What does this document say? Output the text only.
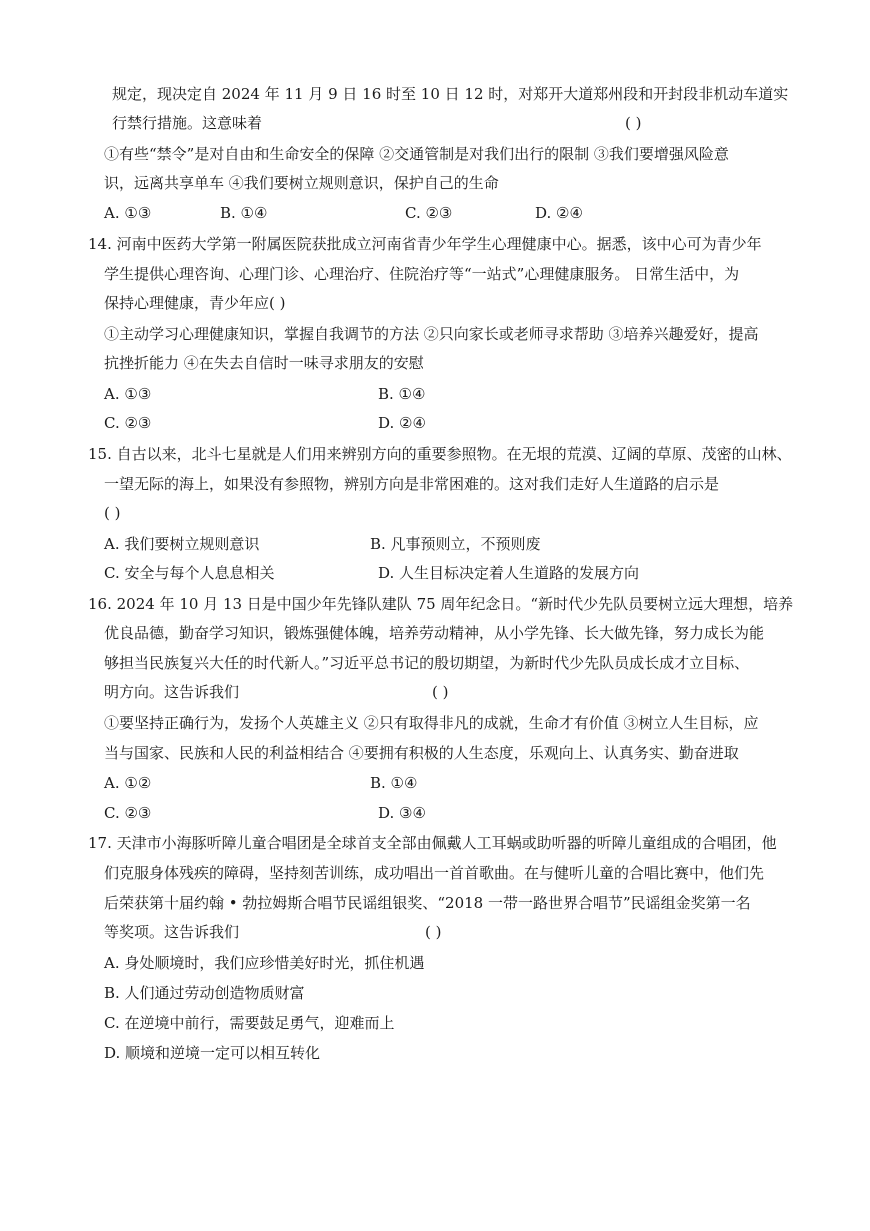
规定，现决定自 2024 年 11 月 9 日 16 时至 10 日 12 时，对郑开大道郑州段和开封段非机动车道实
行禁行措施。这意味着	( )
①有些“禁令”是对自由和生命安全的保障 ②交通管制是对我们出行的限制 ③我们要增强风险意
识，远离共享单车 ④我们要树立规则意识，保护自己的生命
A. ①③	B. ①④	C. ②③	D. ②④
14. 河南中医药大学第一附属医院获批成立河南省青少年学生心理健康中心。据悉，该中心可为青少年
学生提供心理咨询、心理门诊、心理治疗、住院治疗等“一站式”心理健康服务。 日常生活中，为
保持心理健康，青少年应( )
①主动学习心理健康知识，掌握自我调节的方法 ②只向家长或老师寻求帮助 ③培养兴趣爱好，提高
抗挫折能力 ④在失去自信时一味寻求朋友的安慰
A. ①③	B. ①④
C. ②③	D. ②④
15. 自古以来，北斗七星就是人们用来辨别方向的重要参照物。在无垠的荒漠、辽阔的草原、茂密的山林、
一望无际的海上，如果没有参照物，辨别方向是非常困难的。这对我们走好人生道路的启示是
( )
A. 我们要树立规则意识	B. 凡事预则立，不预则废
C. 安全与每个人息息相关	D. 人生目标决定着人生道路的发展方向
16. 2024 年 10 月 13 日是中国少年先锋队建队 75 周年纪念日。“新时代少先队员要树立远大理想，培养
优良品德，勤奋学习知识，锻炼强健体魄，培养劳动精神，从小学先锋、长大做先锋，努力成长为能
够担当民族复兴大任的时代新人。”习近平总书记的殷切期望，为新时代少先队员成长成才立目标、
明方向。这告诉我们	( )
①要坚持正确行为，发扬个人英雄主义 ②只有取得非凡的成就，生命才有价值 ③树立人生目标，应
当与国家、民族和人民的利益相结合 ④要拥有积极的人生态度，乐观向上、认真务实、勤奋进取
A. ①②	B. ①④
C. ②③	D. ③④
17. 天津市小海豚听障儿童合唱团是全球首支全部由佩戴人工耳蜗或助听器的听障儿童组成的合唱团，他
们克服身体残疾的障碍，坚持刻苦训练，成功唱出一首首歌曲。在与健听儿童的合唱比赛中，他们先
后荣获第十届约翰 • 勃拉姆斯合唱节民谣组银奖、“2018 一带一路世界合唱节”民谣组金奖第一名
等奖项。这告诉我们	( )
A. 身处顺境时，我们应珍惜美好时光，抓住机遇
B. 人们通过劳动创造物质财富
C. 在逆境中前行，需要鼓足勇气，迎难而上
D. 顺境和逆境一定可以相互转化
